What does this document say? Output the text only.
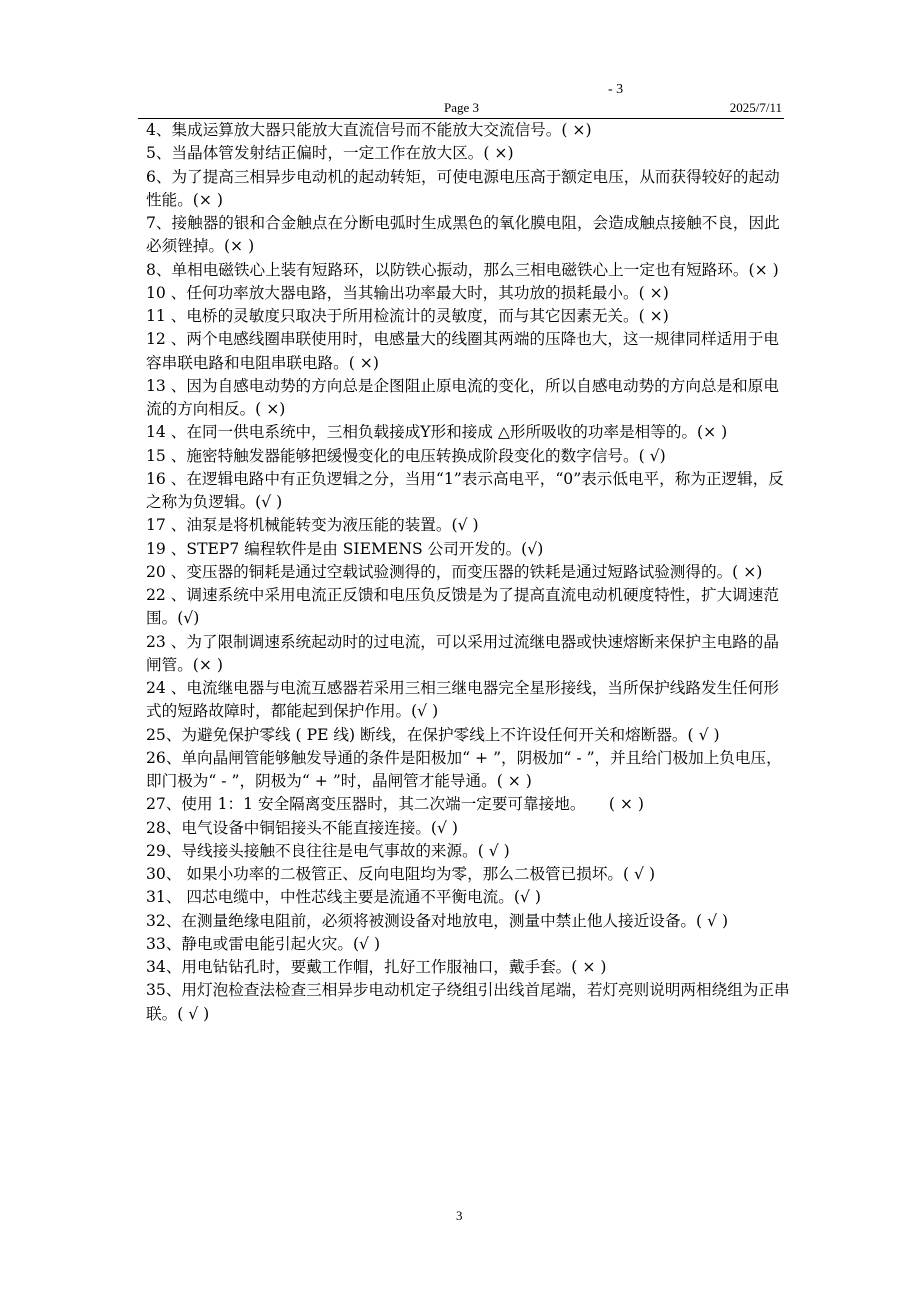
- 3
Page 3	2025/7/11

4、集成运算放大器只能放大直流信号而不能放大交流信号。( ×)

5、当晶体管发射结正偏时，一定工作在放大区。( ×)

6、为了提高三相异步电动机的起动转矩，可使电源电压高于额定电压，从而获得较好的起动性能。(× )

7、接触器的银和合金触点在分断电弧时生成黑色的氧化膜电阻，会造成触点接触不良，因此必须锉掉。(× )

8、单相电磁铁心上装有短路环，以防铁心振动，那么三相电磁铁心上一定也有短路环。(× )

10 、任何功率放大器电路，当其输出功率最大时，其功放的损耗最小。( ×)

11 、电桥的灵敏度只取决于所用检流计的灵敏度，而与其它因素无关。( ×)

12 、两个电感线圈串联使用时，电感量大的线圈其两端的压降也大，这一规律同样适用于电容串联电路和电阻串联电路。( ×)

13 、因为自感电动势的方向总是企图阻止原电流的变化，所以自感电动势的方向总是和原电流的方向相反。( ×)

14 、在同一供电系统中，三相负载接成Y形和接成 △形所吸收的功率是相等的。(× )

15 、施密特触发器能够把缓慢变化的电压转换成阶段变化的数字信号。( √)

16 、在逻辑电路中有正负逻辑之分，当用“1”表示高电平，“0”表示低电平，称为正逻辑，反之称为负逻辑。(√ )

17 、油泵是将机械能转变为液压能的装置。(√ )

19 、STEP7 编程软件是由 SIEMENS 公司开发的。(√)

20 、变压器的铜耗是通过空载试验测得的，而变压器的铁耗是通过短路试验测得的。( ×)

22 、调速系统中采用电流正反馈和电压负反馈是为了提高直流电动机硬度特性，扩大调速范围。(√)

23 、为了限制调速系统起动时的过电流，可以采用过流继电器或快速熔断来保护主电路的晶闸管。(× )

24 、电流继电器与电流互感器若采用三相三继电器完全星形接线，当所保护线路发生任何形式的短路故障时，都能起到保护作用。(√ )

25、为避免保护零线 ( PE 线) 断线，在保护零线上不许设任何开关和熔断器。( √ )

26、单向晶闸管能够触发导通的条件是阳极加“ + ”，阴极加“ - ”，并且给门极加上负电压，即门极为“ - ”，阴极为“ + ”时，晶闸管才能导通。( × )

27、使用 1：1 安全隔离变压器时，其二次端一定要可靠接地。　　( × )

28、电气设备中铜铝接头不能直接连接。(√ )

29、导线接头接触不良往往是电气事故的来源。( √ )

30、 如果小功率的二极管正、反向电阻均为零，那么二极管已损坏。( √ )

31、 四芯电缆中，中性芯线主要是流通不平衡电流。(√ )

32、在测量绝缘电阻前，必须将被测设备对地放电，测量中禁止他人接近设备。( √ )

33、静电或雷电能引起火灾。(√ )

34、用电钻钻孔时，要戴工作帽，扎好工作服袖口，戴手套。( × )

35、用灯泡检查法检查三相异步电动机定子绕组引出线首尾端，若灯亮则说明两相绕组为正串联。( √ )

3
